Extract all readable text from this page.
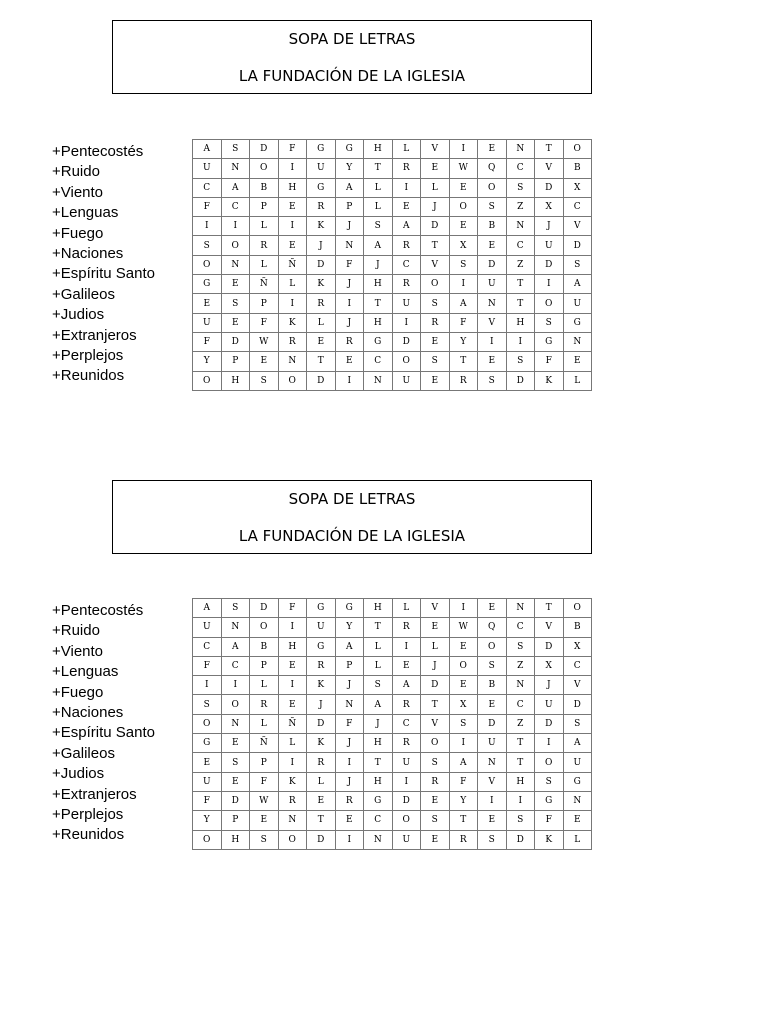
SOPA DE LETRAS
LA FUNDACIÓN DE LA IGLESIA
+Pentecostés
+Ruido
+Viento
+Lenguas
+Fuego
+Naciones
+Espíritu Santo
+Galileos
+Judios
+Extranjeros
+Perplejos
+Reunidos
A	S	D	F	G	G	H	L	V	I	E	N	T	O
U	N	O	I	U	Y	T	R	E	W	Q	C	V	B
C	A	B	H	G	A	L	I	L	E	O	S	D	X
F	C	P	E	R	P	L	E	J	O	S	Z	X	C
I	I	L	I	K	J	S	A	D	E	B	N	J	V
S	O	R	E	J	N	A	R	T	X	E	C	U	D
O	N	L	Ñ	D	F	J	C	V	S	D	Z	D	S
G	E	Ñ	L	K	J	H	R	O	I	U	T	I	A
E	S	P	I	R	I	T	U	S	A	N	T	O	U
U	E	F	K	L	J	H	I	R	F	V	H	S	G
F	D	W	R	E	R	G	D	E	Y	I	I	G	N
Y	P	E	N	T	E	C	O	S	T	E	S	F	E
O	H	S	O	D	I	N	U	E	R	S	D	K	L
SOPA DE LETRAS
LA FUNDACIÓN DE LA IGLESIA
+Pentecostés
+Ruido
+Viento
+Lenguas
+Fuego
+Naciones
+Espíritu Santo
+Galileos
+Judios
+Extranjeros
+Perplejos
+Reunidos
A	S	D	F	G	G	H	L	V	I	E	N	T	O
U	N	O	I	U	Y	T	R	E	W	Q	C	V	B
C	A	B	H	G	A	L	I	L	E	O	S	D	X
F	C	P	E	R	P	L	E	J	O	S	Z	X	C
I	I	L	I	K	J	S	A	D	E	B	N	J	V
S	O	R	E	J	N	A	R	T	X	E	C	U	D
O	N	L	Ñ	D	F	J	C	V	S	D	Z	D	S
G	E	Ñ	L	K	J	H	R	O	I	U	T	I	A
E	S	P	I	R	I	T	U	S	A	N	T	O	U
U	E	F	K	L	J	H	I	R	F	V	H	S	G
F	D	W	R	E	R	G	D	E	Y	I	I	G	N
Y	P	E	N	T	E	C	O	S	T	E	S	F	E
O	H	S	O	D	I	N	U	E	R	S	D	K	L
